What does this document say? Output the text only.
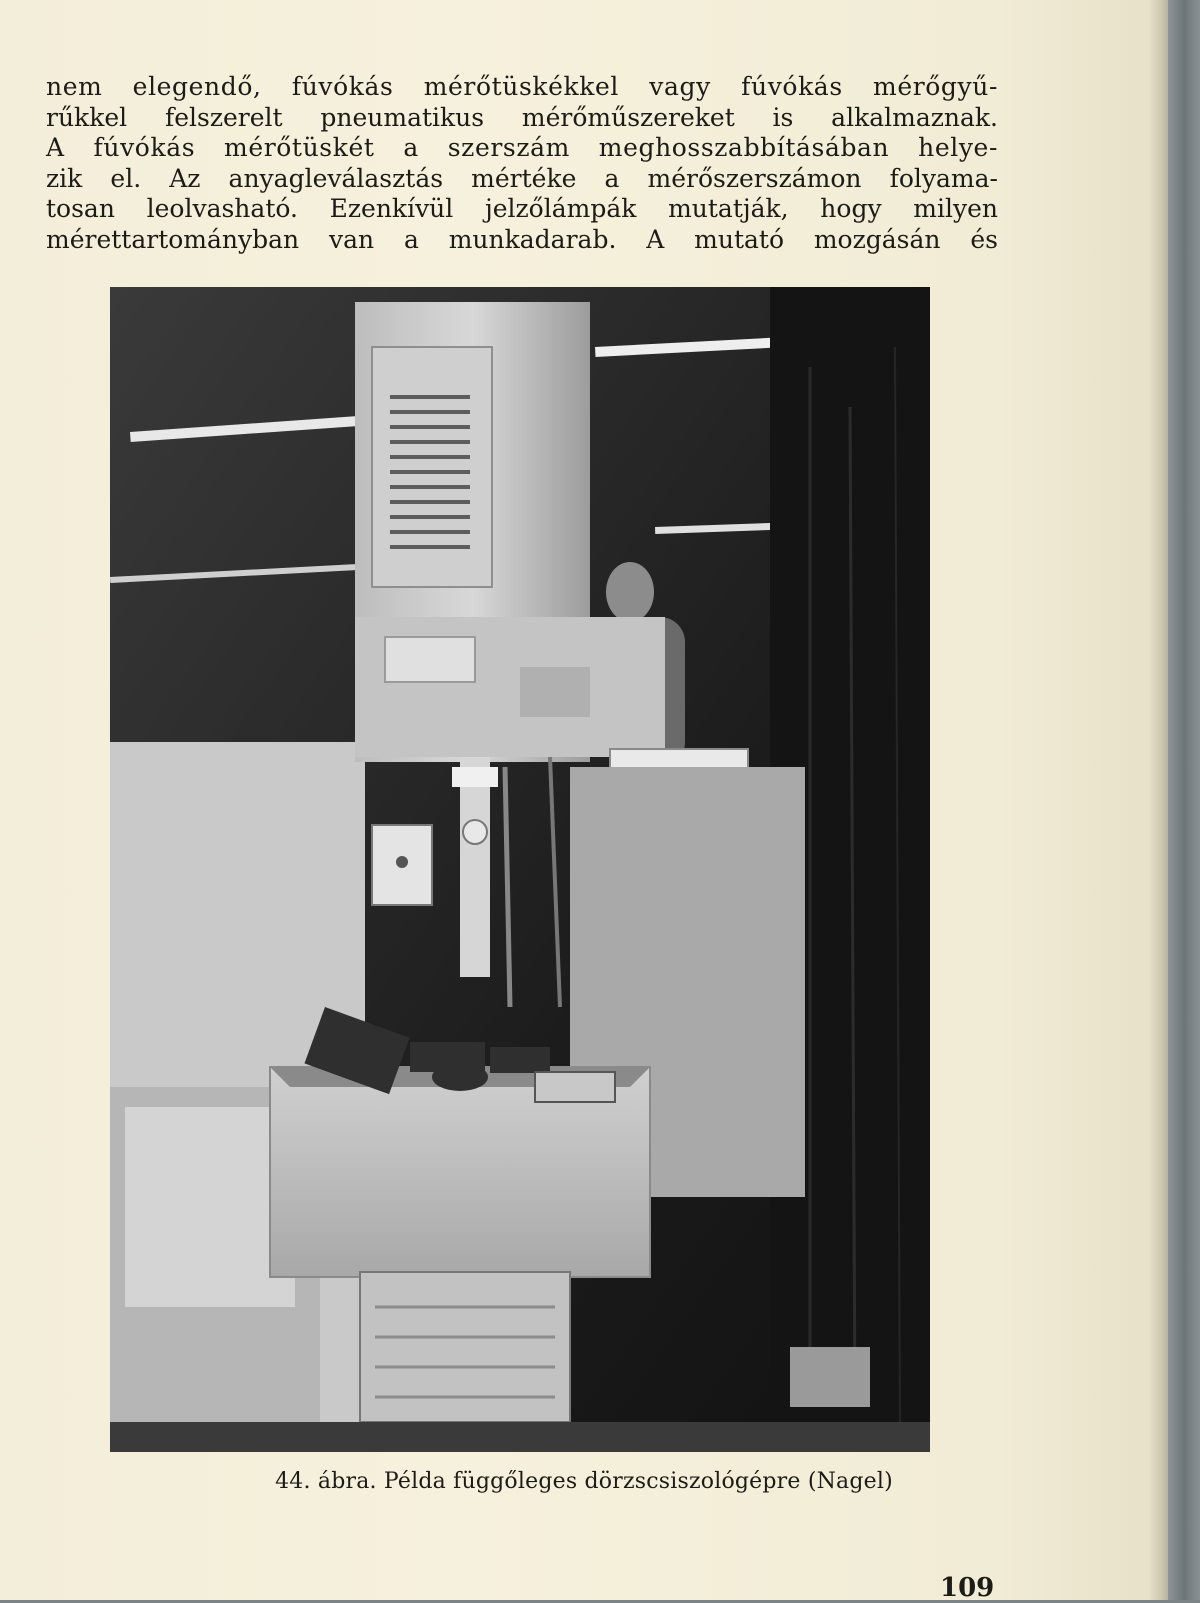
nem elegendő, fúvókás mérőtüskékkel vagy fúvókás mérőgyű-
rűkkel felszerelt pneumatikus mérőműszereket is alkalmaznak.
A fúvókás mérőtüskét a szerszám meghosszabbításában helye-
zik el. Az anyagleválasztás mértéke a mérőszerszámon folyama-
tosan leolvasható. Ezenkívül jelzőlámpák mutatják, hogy milyen
mérettartományban van a munkadarab. A mutató mozgásán és
44. ábra. Példa függőleges dörzscsiszológépre (Nagel)
109
